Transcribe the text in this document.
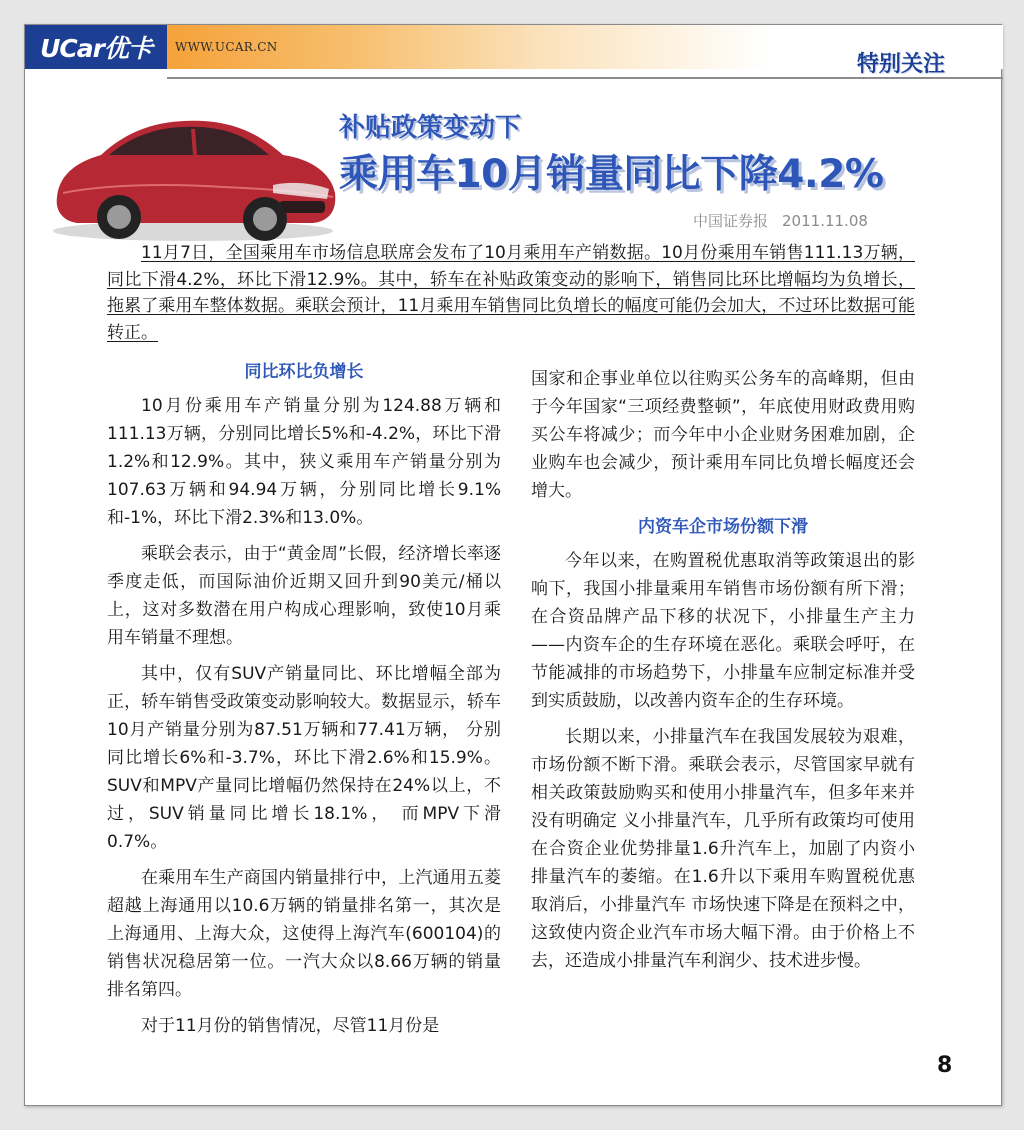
UCar优卡 WWW.UCAR.CN
特别关注
补贴政策变动下
乘用车10月销量同比下降4.2%
中国证券报 2011.11.08

11月7日，全国乘用车市场信息联席会发布了10月乘用车产销数据。10月份乘用车销售111.13万辆，同比下滑4.2%，环比下滑12.9%。其中，轿车在补贴政策变动的影响下，销售同比环比增幅均为负增长，拖累了乘用车整体数据。乘联会预计，11月乘用车销售同比负增长的幅度可能仍会加大，不过环比数据可能转正。

同比环比负增长

10月份乘用车产销量分别为124.88万辆和111.13万辆，分别同比增长5%和-4.2%，环比下滑1.2%和12.9%。其中，狭义乘用车产销量分别为107.63万辆和94.94万辆，分别同比增长9.1%和-1%，环比下滑2.3%和13.0%。

乘联会表示，由于“黄金周”长假，经济增长率逐季度走低，而国际油价近期又回升到90美元/桶以上，这对多数潜在用户构成心理影响，致使10月乘用车销量不理想。

其中，仅有SUV产销量同比、环比增幅全部为正，轿车销售受政策变动影响较大。数据显示，轿车10月产销量分别为87.51万辆和77.41万辆， 分别同比增长6%和-3.7%，环比下滑2.6%和15.9%。SUV和MPV产量同比增幅仍然保持在24%以上，不过，SUV销量同比增长18.1%， 而MPV下滑0.7%。

在乘用车生产商国内销量排行中，上汽通用五菱超越上海通用以10.6万辆的销量排名第一，其次是上海通用、上海大众，这使得上海汽车(600104)的销售状况稳居第一位。一汽大众以8.66万辆的销量排名第四。

对于11月份的销售情况，尽管11月份是

国家和企事业单位以往购买公务车的高峰期，但由于今年国家“三项经费整顿”，年底使用财政费用购买公车将减少；而今年中小企业财务困难加剧，企业购车也会减少，预计乘用车同比负增长幅度还会增大。

内资车企市场份额下滑

今年以来，在购置税优惠取消等政策退出的影响下，我国小排量乘用车销售市场份额有所下滑；在合资品牌产品下移的状况下，小排量生产主力——内资车企的生存环境在恶化。乘联会呼吁，在节能减排的市场趋势下，小排量车应制定标准并受到实质鼓励，以改善内资车企的生存环境。

长期以来，小排量汽车在我国发展较为艰难，市场份额不断下滑。乘联会表示，尽管国家早就有相关政策鼓励购买和使用小排量汽车，但多年来并没有明确定 义小排量汽车，几乎所有政策均可使用在合资企业优势排量1.6升汽车上，加剧了内资小排量汽车的萎缩。在1.6升以下乘用车购置税优惠取消后，小排量汽车 市场快速下降是在预料之中，这致使内资企业汽车市场大幅下滑。由于价格上不去，还造成小排量汽车利润少、技术进步慢。

8
